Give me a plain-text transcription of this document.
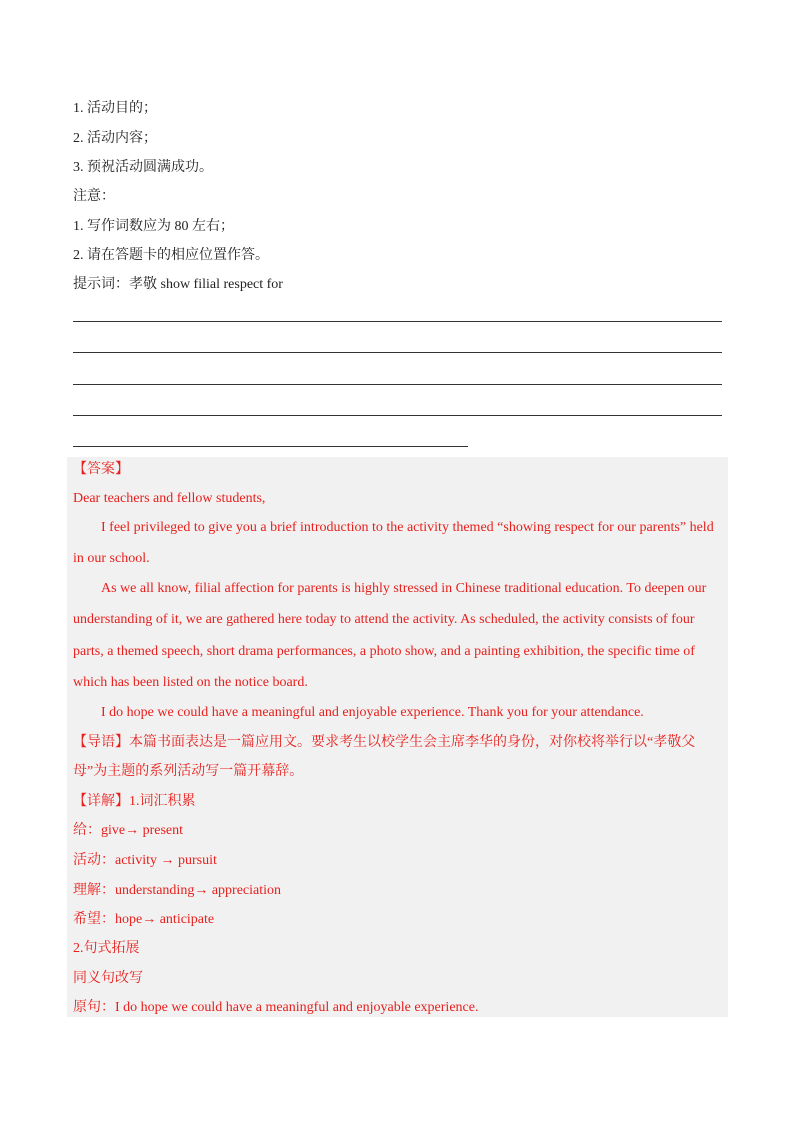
1. 活动目的；
2. 活动内容；
3. 预祝活动圆满成功。
注意：
1. 写作词数应为 80 左右；
2. 请在答题卡的相应位置作答。
提示词：孝敬 show filial respect for
【答案】
Dear teachers and fellow students,
I feel privileged to give you a brief introduction to the activity themed “showing respect for our parents” held
in our school.
As we all know, filial affection for parents is highly stressed in Chinese traditional education. To deepen our
understanding of it, we are gathered here today to attend the activity. As scheduled, the activity consists of four
parts, a themed speech, short drama performances, a photo show, and a painting exhibition, the specific time of
which has been listed on the notice board.
I do hope we could have a meaningful and enjoyable experience. Thank you for your attendance.
【导语】本篇书面表达是一篇应用文。要求考生以校学生会主席李华的身份，对你校将举行以“孝敬父
母”为主题的系列活动写一篇开幕辞。
【详解】1.词汇积累
给：give→ present
活动：activity → pursuit
理解：understanding→ appreciation
希望：hope→ anticipate
2.句式拓展
同义句改写
原句：I do hope we could have a meaningful and enjoyable experience.
